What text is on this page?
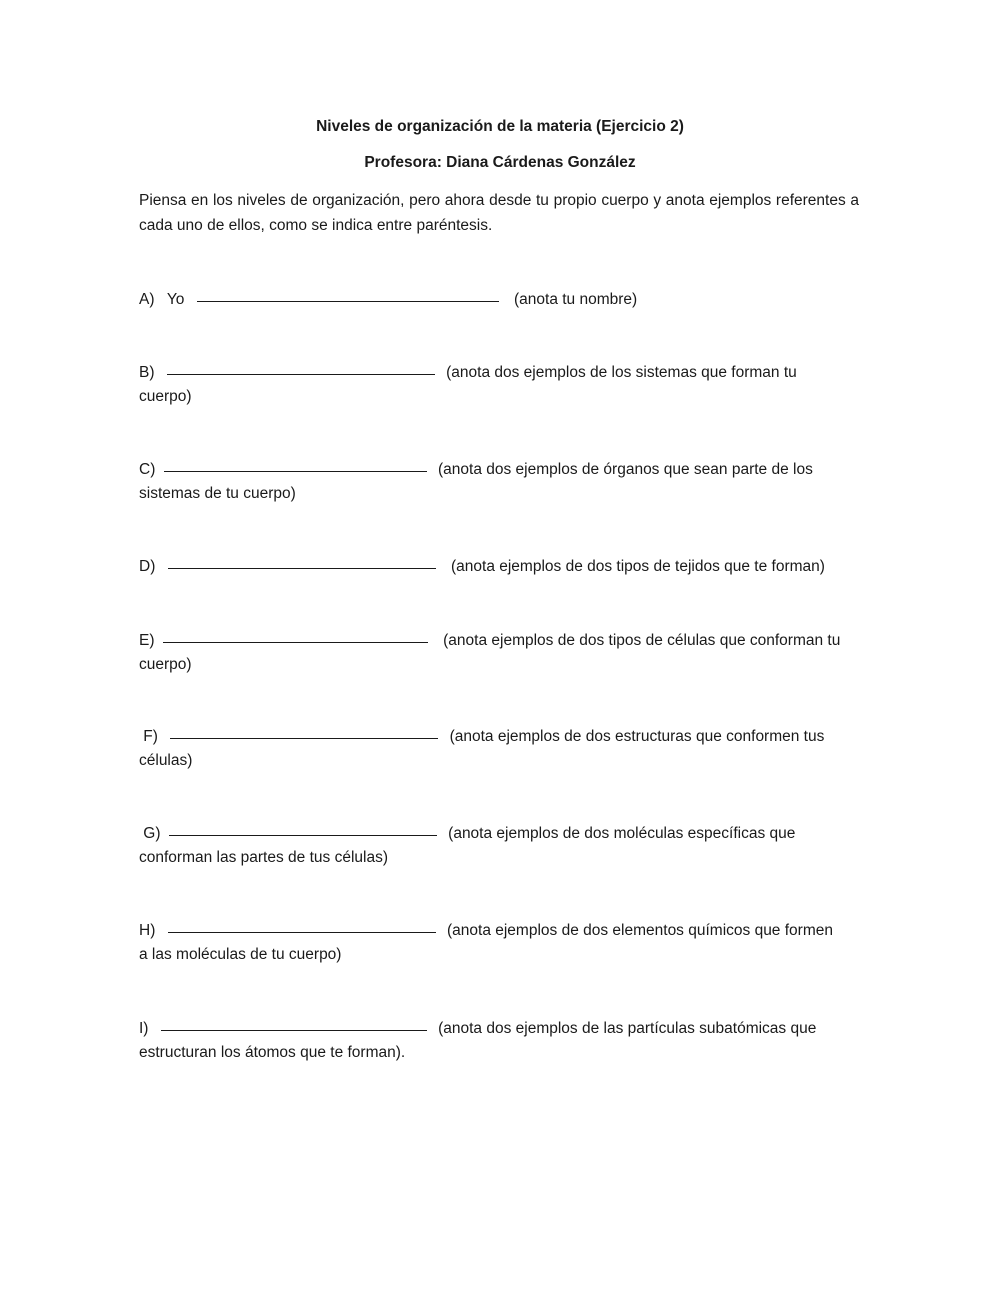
Niveles de organización de la materia (Ejercicio 2)
Profesora: Diana Cárdenas González
Piensa en los niveles de organización, pero ahora desde tu propio cuerpo y anota ejemplos referentes a cada uno de ellos, como se indica entre paréntesis.
A) Yo	(anota tu nombre)
B)	(anota dos ejemplos de los sistemas que forman tu
cuerpo)
C)	(anota dos ejemplos de órganos que sean parte de los
sistemas de tu cuerpo)
D)	(anota ejemplos de dos tipos de tejidos que te forman)
E)	(anota ejemplos de dos tipos de células que conforman tu
cuerpo)
F)	(anota ejemplos de dos estructuras que conformen tus
células)
G)	(anota ejemplos de dos moléculas específicas que
conforman las partes de tus células)
H)	(anota ejemplos de dos elementos químicos que formen
a las moléculas de tu cuerpo)
I)	(anota dos ejemplos de las partículas subatómicas que
estructuran los átomos que te forman).
